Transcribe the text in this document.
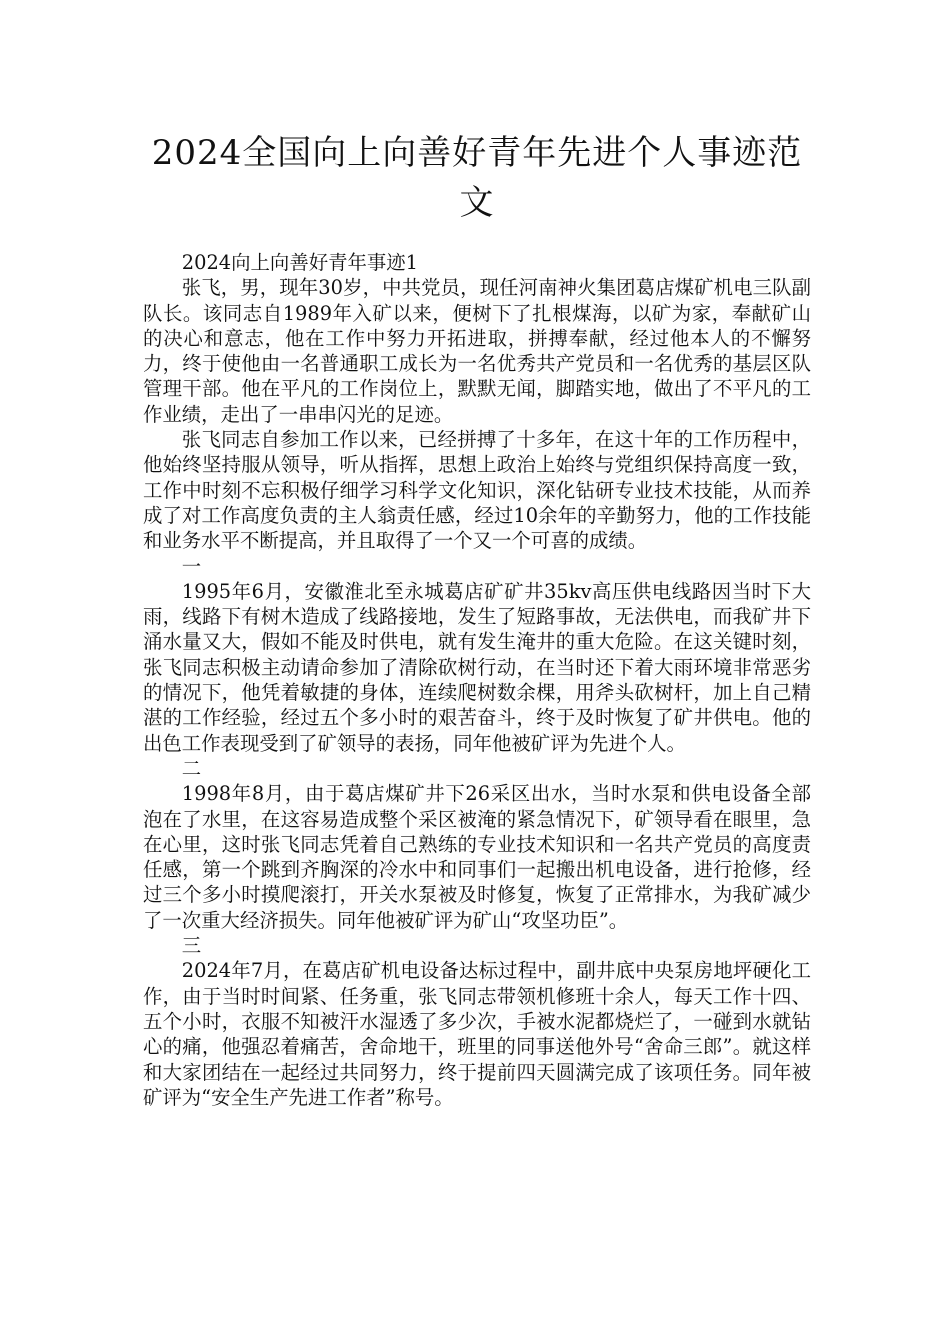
2024全国向上向善好青年先进个人事迹范文

2024向上向善好青年事迹1

张飞，男，现年30岁，中共党员，现任河南神火集团葛店煤矿机电三队副队长。该同志自1989年入矿以来，便树下了扎根煤海，以矿为家，奉献矿山的决心和意志，他在工作中努力开拓进取，拼搏奉献，经过他本人的不懈努力，终于使他由一名普通职工成长为一名优秀共产党员和一名优秀的基层区队管理干部。他在平凡的工作岗位上，默默无闻，脚踏实地，做出了不平凡的工作业绩，走出了一串串闪光的足迹。

张飞同志自参加工作以来，已经拼搏了十多年，在这十年的工作历程中，他始终坚持服从领导，听从指挥，思想上政治上始终与党组织保持高度一致，工作中时刻不忘积极仔细学习科学文化知识，深化钻研专业技术技能，从而养成了对工作高度负责的主人翁责任感，经过10余年的辛勤努力，他的工作技能和业务水平不断提高，并且取得了一个又一个可喜的成绩。

一

1995年6月，安徽淮北至永城葛店矿矿井35kv高压供电线路因当时下大雨，线路下有树木造成了线路接地，发生了短路事故，无法供电，而我矿井下涌水量又大，假如不能及时供电，就有发生淹井的重大危险。在这关键时刻，张飞同志积极主动请命参加了清除砍树行动，在当时还下着大雨环境非常恶劣的情况下，他凭着敏捷的身体，连续爬树数余棵，用斧头砍树杆，加上自己精湛的工作经验，经过五个多小时的艰苦奋斗，终于及时恢复了矿井供电。他的出色工作表现受到了矿领导的表扬，同年他被矿评为先进个人。

二

1998年8月，由于葛店煤矿井下26采区出水，当时水泵和供电设备全部泡在了水里，在这容易造成整个采区被淹的紧急情况下，矿领导看在眼里，急在心里，这时张飞同志凭着自己熟练的专业技术知识和一名共产党员的高度责任感，第一个跳到齐胸深的冷水中和同事们一起搬出机电设备，进行抢修，经过三个多小时摸爬滚打，开关水泵被及时修复，恢复了正常排水，为我矿减少了一次重大经济损失。同年他被矿评为矿山“攻坚功臣”。

三

2024年7月，在葛店矿机电设备达标过程中，副井底中央泵房地坪硬化工作，由于当时时间紧、任务重，张飞同志带领机修班十余人，每天工作十四、五个小时，衣服不知被汗水湿透了多少次，手被水泥都烧烂了，一碰到水就钻心的痛，他强忍着痛苦，舍命地干，班里的同事送他外号“舍命三郎”。就这样和大家团结在一起经过共同努力，终于提前四天圆满完成了该项任务。同年被矿评为“安全生产先进工作者”称号。
